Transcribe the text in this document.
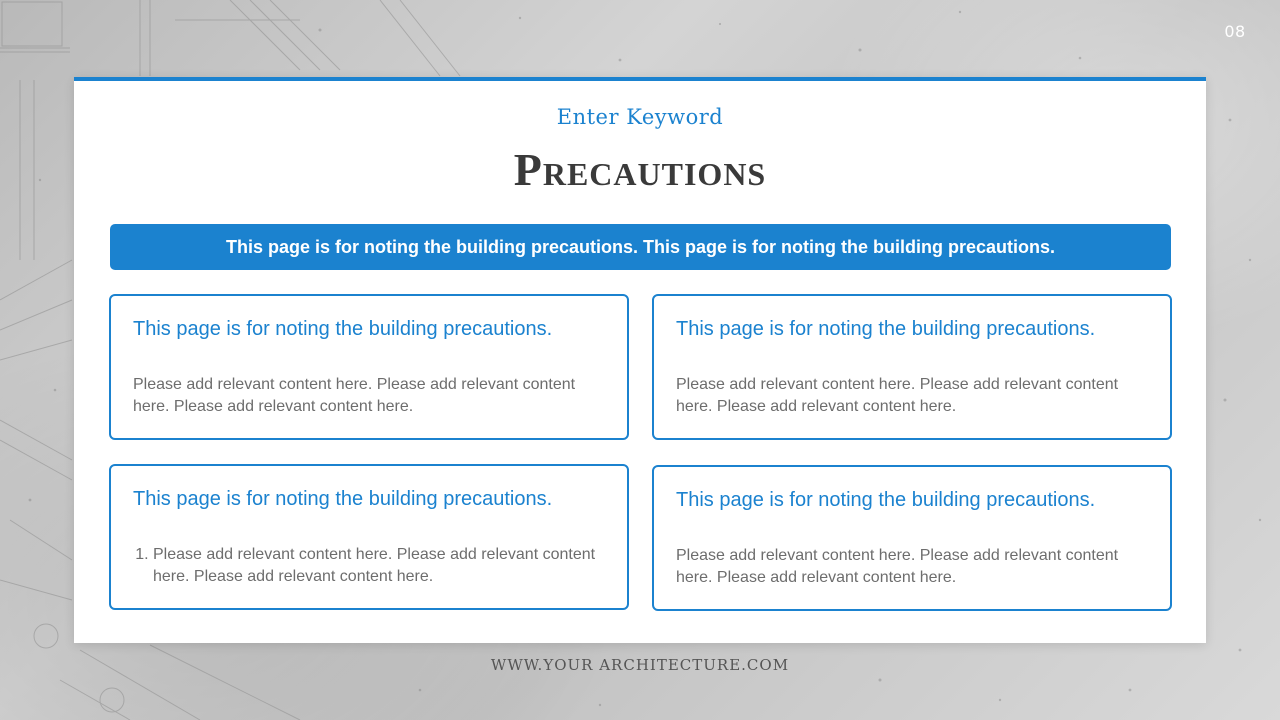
08
Enter Keyword
Precautions
This page is for noting the building precautions. This page is for noting the building precautions.
This page is for noting the building precautions.
Please add relevant content here. Please add relevant content here. Please add relevant content here.
This page is for noting the building precautions.
Please add relevant content here. Please add relevant content here. Please add relevant content here.
This page is for noting the building precautions.
1. Please add relevant content here. Please add relevant content here. Please add relevant content here.
This page is for noting the building precautions.
Please add relevant content here. Please add relevant content here. Please add relevant content here.
WWW.YOUR ARCHITECTURE.COM
